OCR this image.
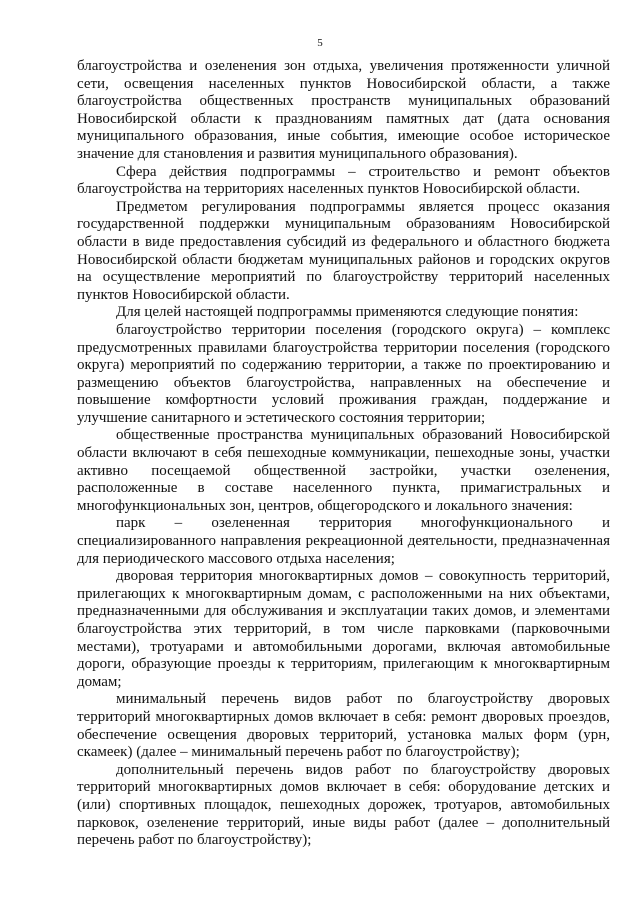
5

благоустройства и озеленения зон отдыха, увеличения протяженности уличной сети, освещения населенных пунктов Новосибирской области, а также благоустройства общественных пространств муниципальных образований Новосибирской области к празднованиям памятных дат (дата основания муниципального образования, иные события, имеющие особое историческое значение для становления и развития муниципального образования).

Сфера действия подпрограммы – строительство и ремонт объектов благоустройства на территориях населенных пунктов Новосибирской области.

Предметом регулирования подпрограммы является процесс оказания государственной поддержки муниципальным образованиям Новосибирской области в виде предоставления субсидий из федерального и областного бюджета Новосибирской области бюджетам муниципальных районов и городских округов на осуществление мероприятий по благоустройству территорий населенных пунктов Новосибирской области.

Для целей настоящей подпрограммы применяются следующие понятия:

благоустройство территории поселения (городского округа) – комплекс предусмотренных правилами благоустройства территории поселения (городского округа) мероприятий по содержанию территории, а также по проектированию и размещению объектов благоустройства, направленных на обеспечение и повышение комфортности условий проживания граждан, поддержание и улучшение санитарного и эстетического состояния территории;

общественные пространства муниципальных образований Новосибирской области включают в себя пешеходные коммуникации, пешеходные зоны, участки активно посещаемой общественной застройки, участки озеленения, расположенные в составе населенного пункта, примагистральных и многофункциональных зон, центров, общегородского и локального значения:

парк – озелененная территория многофункционального и специализированного направления рекреационной деятельности, предназначенная для периодического массового отдыха населения;

дворовая территория многоквартирных домов – совокупность территорий, прилегающих к многоквартирным домам, с расположенными на них объектами, предназначенными для обслуживания и эксплуатации таких домов, и элементами благоустройства этих территорий, в том числе парковками (парковочными местами), тротуарами и автомобильными дорогами, включая автомобильные дороги, образующие проезды к территориям, прилегающим к многоквартирным домам;

минимальный перечень видов работ по благоустройству дворовых территорий многоквартирных домов включает в себя: ремонт дворовых проездов, обеспечение освещения дворовых территорий, установка малых форм (урн, скамеек) (далее – минимальный перечень работ по благоустройству);

дополнительный перечень видов работ по благоустройству дворовых территорий многоквартирных домов включает в себя: оборудование детских и (или) спортивных площадок, пешеходных дорожек, тротуаров, автомобильных парковок, озеленение территорий, иные виды работ (далее – дополнительный перечень работ по благоустройству);
